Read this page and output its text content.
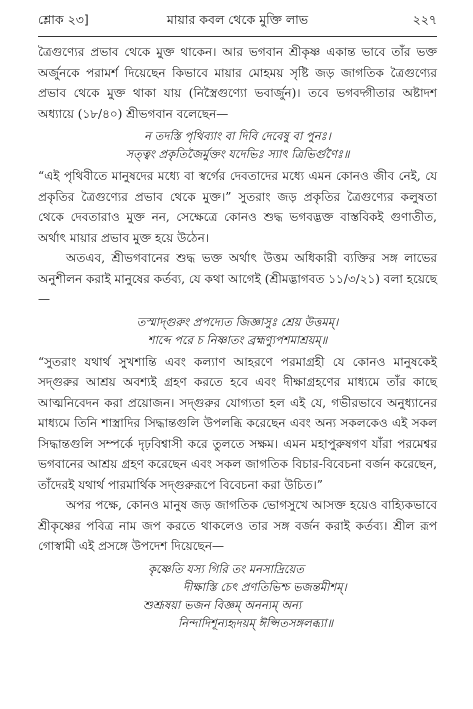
শ্লোক ২৩]	মায়ার কবল থেকে মুক্তি লাভ	২২৭

ত্রৈগুণ্যের প্রভাব থেকে মুক্ত থাকেন। আর ভগবান শ্রীকৃষ্ণ একান্ত ভাবে তাঁর ভক্ত অর্জুনকে পরামর্শ দিয়েছেন কিভাবে মায়ার মোহময় সৃষ্টি জড় জাগতিক ত্রৈগুণ্যের প্রভাব থেকে মুক্ত থাকা যায় (নিস্ত্রৈগুণ্যো ভবার্জুন)। তবে ভগবদ্গীতার অষ্টাদশ অধ্যায়ে (১৮/৪০) শ্রীভগবান বলেছেন—

ন তদস্তি পৃথিব্যাং বা দিবি দেবেষু বা পুনঃ।
সত্ত্বং প্রকৃতিজৈর্মুক্তং যদেভিঃ স্যাৎ ত্রিভির্গুণৈঃ॥

“এই পৃথিবীতে মানুষদের মধ্যে বা স্বর্গের দেবতাদের মধ্যে এমন কোনও জীব নেই, যে প্রকৃতির ত্রৈগুণ্যের প্রভাব থেকে মুক্ত।” সুতরাং জড় প্রকৃতির ত্রৈগুণ্যের কলুষতা থেকে দেবতারাও মুক্ত নন, সেক্ষেত্রে কোনও শুদ্ধ ভগবদ্ভক্ত বাস্তবিকই গুণাতীত, অর্থাৎ মায়ার প্রভাব মুক্ত হয়ে উঠেন।

অতএব, শ্রীভগবানের শুদ্ধ ভক্ত অর্থাৎ উত্তম অধিকারী ব্যক্তির সঙ্গ লাভের অনুশীলন করাই মানুষের কর্তব্য, যে কথা আগেই (শ্রীমদ্ভাগবত ১১/৩/২১) বলা হয়েছে—

তস্মাদ্গুরুং প্রপদ্যেত জিজ্ঞাসুঃ শ্রেয় উত্তমম্।
শাব্দে পরে চ নিষ্ণাতং ব্রহ্মণ্যুপশমাশ্রয়ম্॥

“সুতরাং যথার্থ সুখশান্তি এবং কল্যাণ আহরণে পরমাগ্রহী যে কোনও মানুষকেই সদ্গুরুর আশ্রয় অবশ্যই গ্রহণ করতে হবে এবং দীক্ষাগ্রহণের মাধ্যমে তাঁর কাছে আত্মনিবেদন করা প্রয়োজন। সদ্গুরুর যোগ্যতা হল এই যে, গভীরভাবে অনুধ্যানের মাধ্যমে তিনি শাস্ত্রাদির সিদ্ধান্তগুলি উপলব্ধি করেছেন এবং অন্য সকলকেও এই সকল সিদ্ধান্তগুলি সম্পর্কে দৃঢ়বিশ্বাসী করে তুলতে সক্ষম। এমন মহাপুরুষগণ যাঁরা পরমেশ্বর ভগবানের আশ্রয় গ্রহণ করেছেন এবং সকল জাগতিক বিচার-বিবেচনা বর্জন করেছেন, তাঁদেরই যথার্থ পারমার্থিক সদ্গুরুরূপে বিবেচনা করা উচিত।”

অপর পক্ষে, কোনও মানুষ জড় জাগতিক ভোগসুখে আসক্ত হয়েও বাহ্যিকভাবে শ্রীকৃষ্ণের পবিত্র নাম জপ করতে থাকলেও তার সঙ্গ বর্জন করাই কর্তব্য। শ্রীল রূপ গোস্বামী এই প্রসঙ্গে উপদেশ দিয়েছেন—

কৃষ্ণেতি যস্য গিরি তং মনসাদ্রিয়েত
দীক্ষাস্তি চেৎ প্রণতিভিশ্চ ভজন্তমীশম্।
শুশ্রূষয়া ভজন বিজ্ঞম্ অনন্যম্ অন্য
নিন্দাদিশূন্যহৃদয়ম্ ঈপ্সিতসঙ্গলব্ধ্যা॥
